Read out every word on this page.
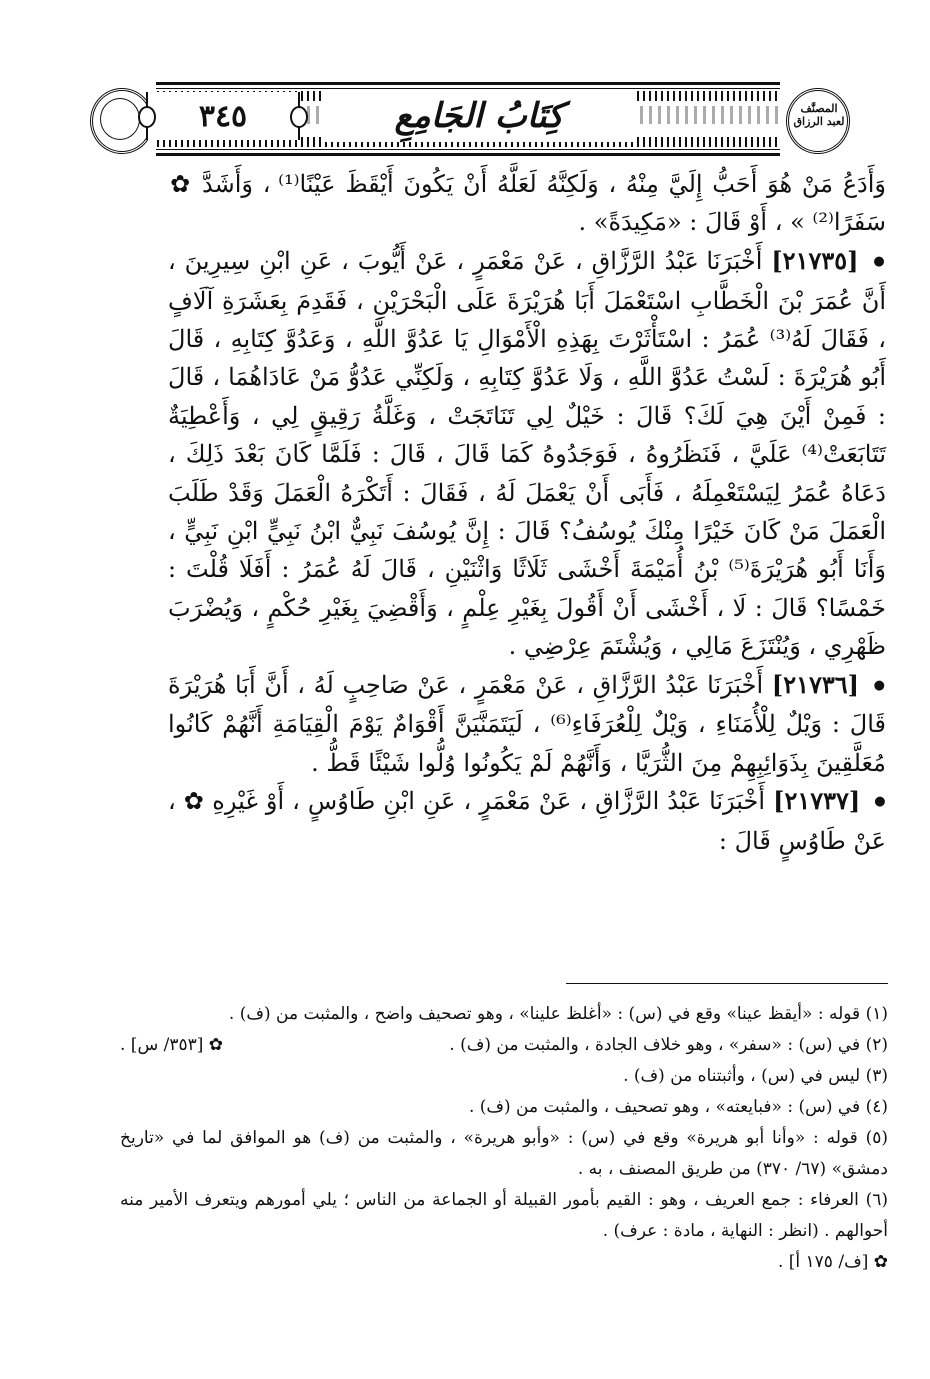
المصنَّف
لعبد الرزاق
٣٤٥	كِتَابُ الجَامِعِ

وَأَدَعُ مَنْ هُوَ أَحَبُّ إِلَيَّ مِنْهُ ، وَلَكِنَّهُ لَعَلَّهُ أَنْ يَكُونَ أَيْقَظَ عَيْنًا⁽¹⁾ ، وَأَشَدَّ ✿ سَفَرًا⁽²⁾ » ، أَوْ قَالَ : «مَكِيدَةً» .

● [٢١٧٣٥] أَخْبَرَنَا عَبْدُ الرَّزَّاقِ ، عَنْ مَعْمَرٍ ، عَنْ أَيُّوبَ ، عَنِ ابْنِ سِيرِينَ ، أَنَّ عُمَرَ بْنَ الْخَطَّابِ اسْتَعْمَلَ أَبَا هُرَيْرَةَ عَلَى الْبَحْرَيْنِ ، فَقَدِمَ بِعَشَرَةِ آلَافٍ ، فَقَالَ لَهُ⁽³⁾ عُمَرُ : اسْتَأْثَرْتَ بِهَذِهِ الْأَمْوَالِ يَا عَدُوَّ اللَّهِ ، وَعَدُوَّ كِتَابِهِ ، قَالَ أَبُو هُرَيْرَةَ : لَسْتُ عَدُوَّ اللَّهِ ، وَلَا عَدُوَّ كِتَابِهِ ، وَلَكِنِّي عَدُوُّ مَنْ عَادَاهُمَا ، قَالَ : فَمِنْ أَيْنَ هِيَ لَكَ؟ قَالَ : خَيْلٌ لِي تَنَاتَجَتْ ، وَغَلَّةُ رَقِيقٍ لِي ، وَأَعْطِيَةٌ تَتَابَعَتْ⁽⁴⁾ عَلَيَّ ، فَنَظَرُوهُ ، فَوَجَدُوهُ كَمَا قَالَ ، قَالَ : فَلَمَّا كَانَ بَعْدَ ذَلِكَ ، دَعَاهُ عُمَرُ لِيَسْتَعْمِلَهُ ، فَأَبَى أَنْ يَعْمَلَ لَهُ ، فَقَالَ : أَتَكْرَهُ الْعَمَلَ وَقَدْ طَلَبَ الْعَمَلَ مَنْ كَانَ خَيْرًا مِنْكَ يُوسُفُ؟ قَالَ : إِنَّ يُوسُفَ نَبِيٌّ ابْنُ نَبِيٍّ ابْنِ نَبِيٍّ ، وَأَنَا أَبُو هُرَيْرَةَ⁽⁵⁾ بْنُ أُمَيْمَةَ أَخْشَى ثَلَاثًا وَاثْنَيْنِ ، قَالَ لَهُ عُمَرُ : أَفَلَا قُلْتَ : خَمْسًا؟ قَالَ : لَا ، أَخْشَى أَنْ أَقُولَ بِغَيْرِ عِلْمٍ ، وَأَقْضِيَ بِغَيْرِ حُكْمٍ ، وَيُضْرَبَ ظَهْرِي ، وَيُنْتَزَعَ مَالِي ، وَيُشْتَمَ عِرْضِي .

● [٢١٧٣٦] أَخْبَرَنَا عَبْدُ الرَّزَّاقِ ، عَنْ مَعْمَرٍ ، عَنْ صَاحِبٍ لَهُ ، أَنَّ أَبَا هُرَيْرَةَ قَالَ : وَيْلٌ لِلْأُمَنَاءِ ، وَيْلٌ لِلْعُرَفَاءِ⁽⁶⁾ ، لَيَتَمَنَّيَنَّ أَقْوَامٌ يَوْمَ الْقِيَامَةِ أَنَّهُمْ كَانُوا مُعَلَّقِينَ بِذَوَائِبِهِمْ مِنَ الثُّرَيَّا ، وَأَنَّهُمْ لَمْ يَكُونُوا وُلُّوا شَيْئًا قَطُّ .

● [٢١٧٣٧] أَخْبَرَنَا عَبْدُ الرَّزَّاقِ ، عَنْ مَعْمَرٍ ، عَنِ ابْنِ طَاوُسٍ ، أَوْ غَيْرِهِ ✿ ، عَنْ طَاوُسٍ قَالَ :

(١) قوله : «أيقظ عينا» وقع في (س) : «أغلظ علينا» ، وهو تصحيف واضح ، والمثبت من (ف) .

(٢) في (س) : «سفر» ، وهو خلاف الجادة ، والمثبت من (ف) .
✿ [٣٥٣/ س] .

(٣) ليس في (س) ، وأثبتناه من (ف) .

(٤) في (س) : «فبايعته» ، وهو تصحيف ، والمثبت من (ف) .

(٥) قوله : «وأنا أبو هريرة» وقع في (س) : «وأبو هريرة» ، والمثبت من (ف) هو الموافق لما في «تاريخ دمشق» (٦٧/ ٣٧٠) من طريق المصنف ، به .

(٦) العرفاء : جمع العريف ، وهو : القيم بأمور القبيلة أو الجماعة من الناس ؛ يلي أمورهم ويتعرف الأمير منه أحوالهم . (انظر : النهاية ، مادة : عرف) .

✿ [ف/ ١٧٥ أ] .
